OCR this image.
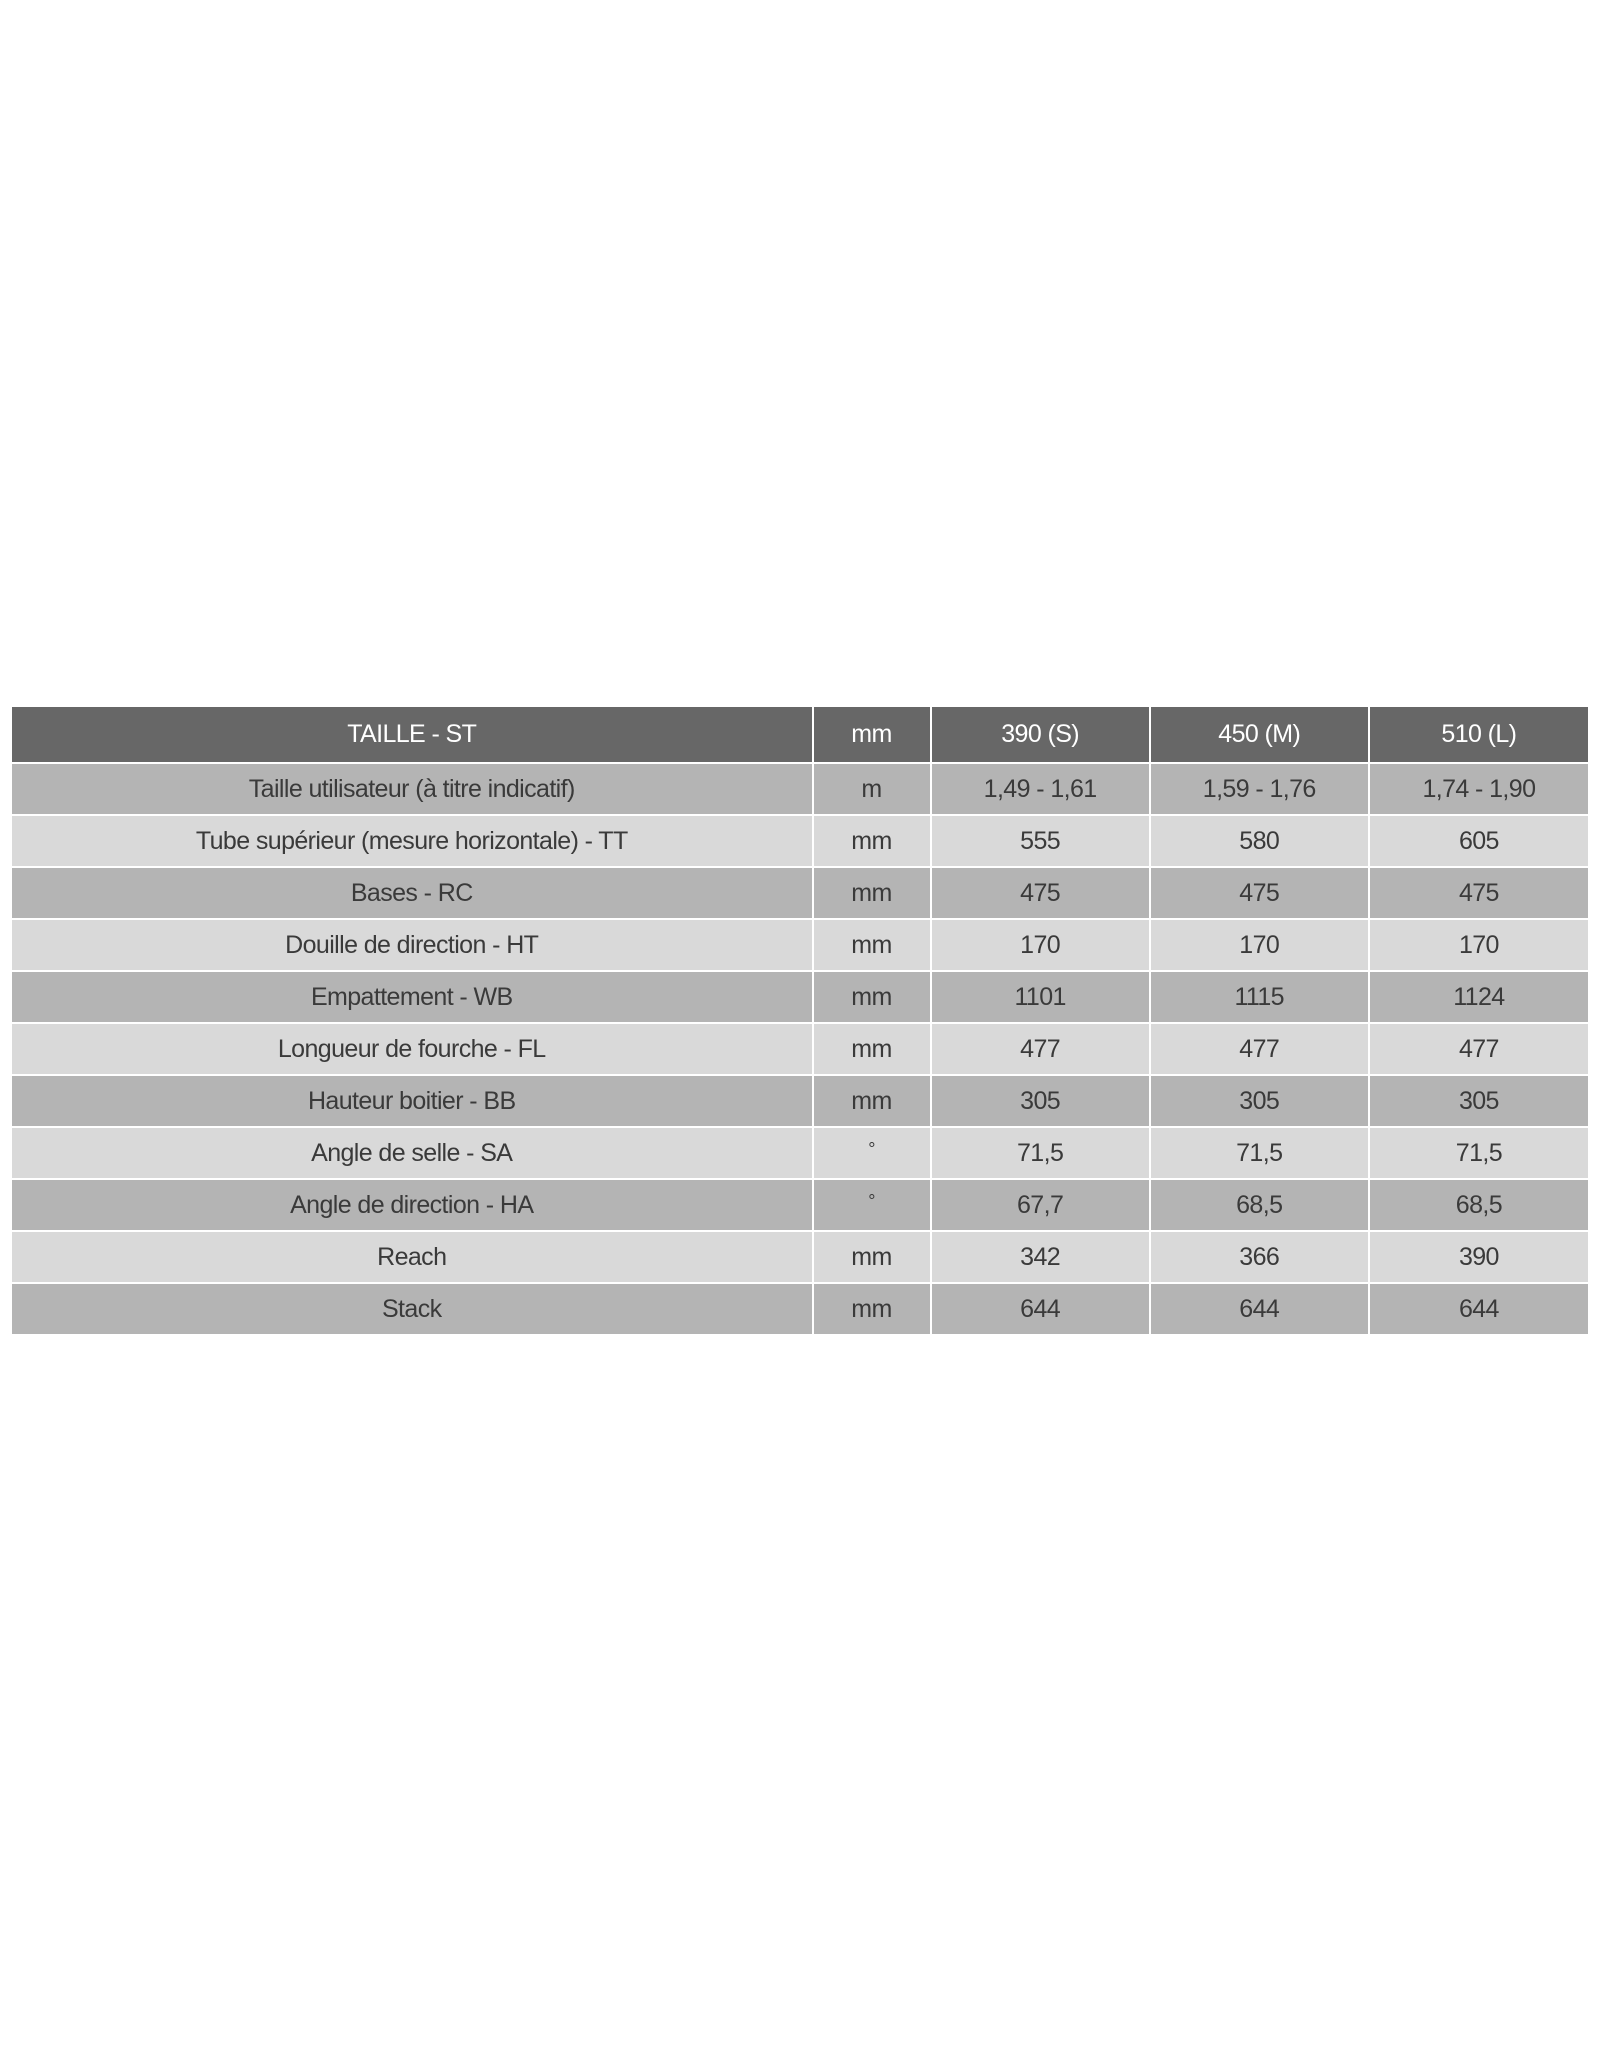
TAILLE - ST	mm	390 (S)	450 (M)	510 (L)
Taille utilisateur (à titre indicatif)	m	1,49 - 1,61	1,59 - 1,76	1,74 - 1,90
Tube supérieur (mesure horizontale) - TT	mm	555	580	605
Bases - RC	mm	475	475	475
Douille de direction - HT	mm	170	170	170
Empattement - WB	mm	1101	1115	1124
Longueur de fourche - FL	mm	477	477	477
Hauteur boitier - BB	mm	305	305	305
Angle de selle - SA	°	71,5	71,5	71,5
Angle de direction - HA	°	67,7	68,5	68,5
Reach	mm	342	366	390
Stack	mm	644	644	644
